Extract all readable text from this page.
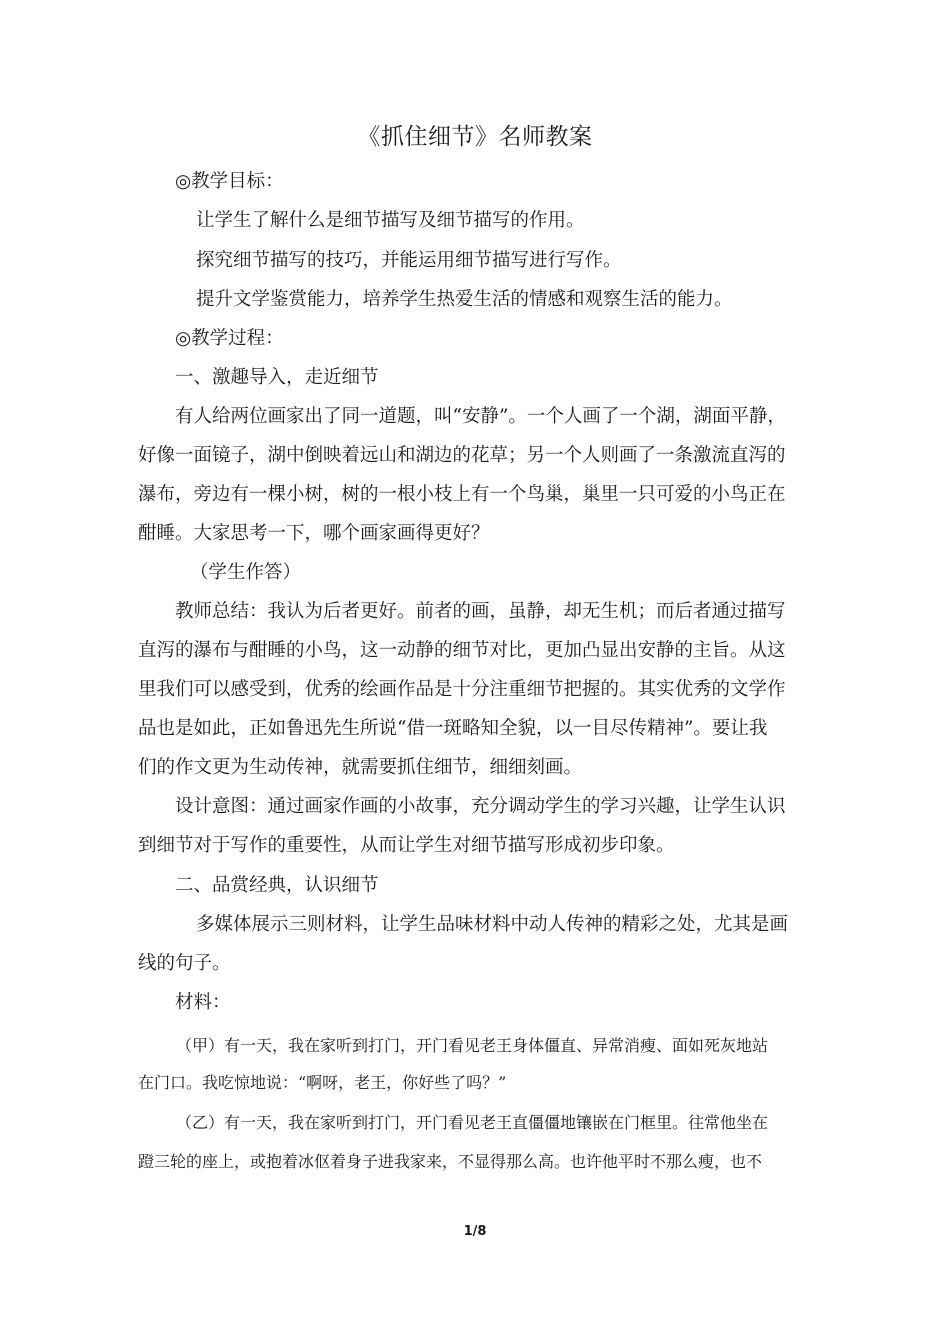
《抓住细节》名师教案
◎教学目标：
让学生了解什么是细节描写及细节描写的作用。
探究细节描写的技巧，并能运用细节描写进行写作。
提升文学鉴赏能力，培养学生热爱生活的情感和观察生活的能力。
◎教学过程：
一、激趣导入，走近细节
有人给两位画家出了同一道题，叫“安静”。一个人画了一个湖，湖面平静，
好像一面镜子，湖中倒映着远山和湖边的花草；另一个人则画了一条激流直泻的
瀑布，旁边有一棵小树，树的一根小枝上有一个鸟巢，巢里一只可爱的小鸟正在
酣睡。大家思考一下，哪个画家画得更好？
（学生作答）
教师总结：我认为后者更好。前者的画，虽静，却无生机；而后者通过描写
直泻的瀑布与酣睡的小鸟，这一动静的细节对比，更加凸显出安静的主旨。从这
里我们可以感受到，优秀的绘画作品是十分注重细节把握的。其实优秀的文学作
品也是如此，正如鲁迅先生所说“借一斑略知全貌，以一目尽传精神”。要让我
们的作文更为生动传神，就需要抓住细节，细细刻画。
设计意图：通过画家作画的小故事，充分调动学生的学习兴趣，让学生认识
到细节对于写作的重要性，从而让学生对细节描写形成初步印象。
二、品赏经典，认识细节
多媒体展示三则材料，让学生品味材料中动人传神的精彩之处，尤其是画
线的句子。
材料：
（甲）有一天，我在家听到打门，开门看见老王身体僵直、异常消瘦、面如死灰地站
在门口。我吃惊地说：“啊呀，老王，你好些了吗？”
（乙）有一天，我在家听到打门，开门看见老王直僵僵地镶嵌在门框里。往常他坐在
蹬三轮的座上，或抱着冰伛着身子进我家来，不显得那么高。也许他平时不那么瘦，也不
1/8
